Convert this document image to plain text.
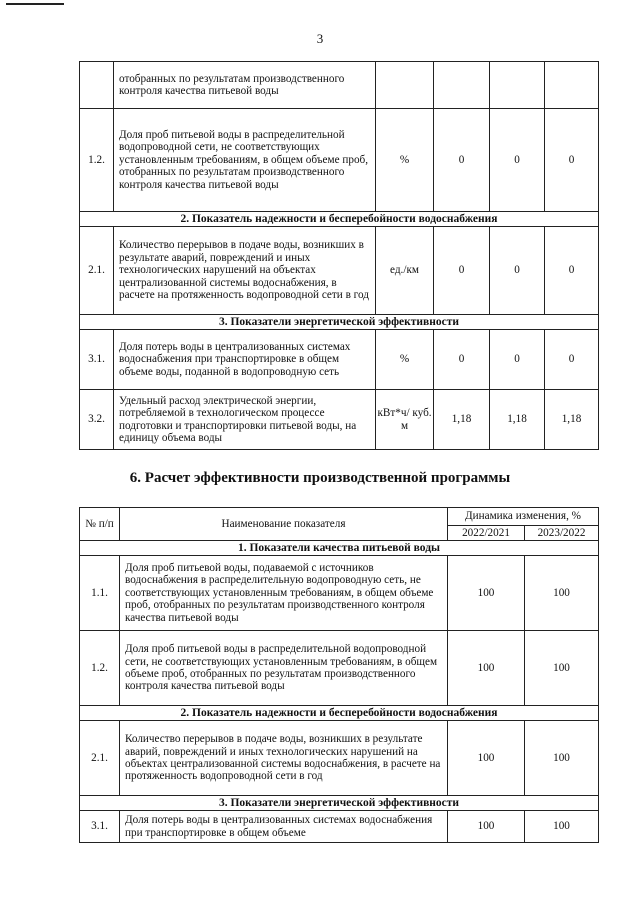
3
	отобранных по результатам производственного контроля качества питьевой воды				
1.2.	Доля проб питьевой воды в распределительной водопроводной сети, не соответствующих установленным требованиям, в общем объеме проб, отобранных по результатам производственного контроля качества питьевой воды	%	0	0	0
2. Показатель надежности и бесперебойности водоснабжения					
2.1.	Количество перерывов в подаче воды, возникших в результате аварий, повреждений и иных технологических нарушений на объектах централизованной системы водоснабжения, в расчете на протяженность водопроводной сети в год	ед./км	0	0	0
3. Показатели энергетической эффективности					
3.1.	Доля потерь воды в централизованных системах водоснабжения при транспортировке в общем объеме воды, поданной в водопроводную сеть	%	0	0	0
3.2.	Удельный расход электрической энергии, потребляемой в технологическом процессе подготовки и транспортировки питьевой воды, на единицу объема воды	кВт*ч/ куб. м	1,18	1,18	1,18
6. Расчет эффективности производственной программы
№ п/п	Наименование показателя	Динамика изменения, %	
		2022/2021	2023/2022
1. Показатели качества питьевой воды			
1.1.	Доля проб питьевой воды, подаваемой с источников водоснабжения в распределительную водопроводную сеть, не соответствующих установленным требованиям, в общем объеме проб, отобранных по результатам производственного контроля качества питьевой воды	100	100
1.2.	Доля проб питьевой воды в распределительной водопроводной сети, не соответствующих установленным требованиям, в общем объеме проб, отобранных по результатам производственного контроля качества питьевой воды	100	100
2. Показатель надежности и бесперебойности водоснабжения			
2.1.	Количество перерывов в подаче воды, возникших в результате аварий, повреждений и иных технологических нарушений на объектах централизованной системы водоснабжения, в расчете на протяженность водопроводной сети в год	100	100
3. Показатели энергетической эффективности			
3.1.	Доля потерь воды в централизованных системах водоснабжения при транспортировке в общем объеме	100	100
